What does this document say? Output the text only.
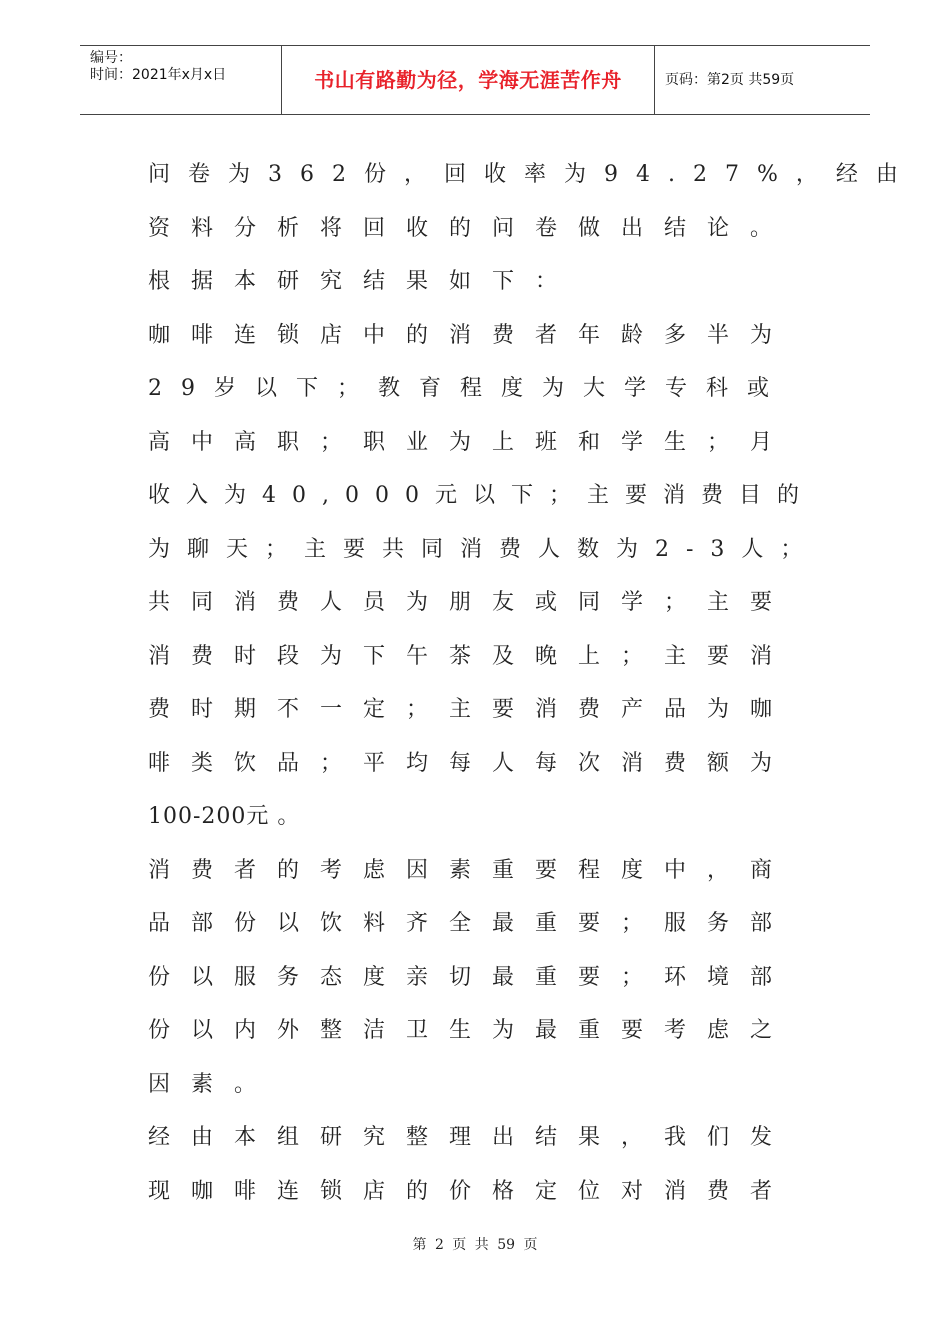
编号：
时间：2021年x月x日	书山有路勤为径，学海无涯苦作舟	页码：第2页 共59页
问卷为362份，回收率为94.27%，经由
资料分析将回收的问卷做出结论。
根据本研究结果如下：
咖啡连锁店中的消费者年龄多半为
29岁以下；教育程度为大学专科或
高中高职；职业为上班和学生；月
收入为40,000元以下；主要消费目的
为聊天；主要共同消费人数为2-3人；
共同消费人员为朋友或同学；主要
消费时段为下午茶及晚上；主要消
费时期不一定；主要消费产品为咖
啡类饮品；平均每人每次消费额为
100-200元 。
消费者的考虑因素重要程度中，商
品部份以饮料齐全最重要；服务部
份以服务态度亲切最重要；环境部
份以内外整洁卫生为最重要考虑之
因素。
经由本组研究整理出结果，我们发
现咖啡连锁店的价格定位对消费者
第 2 页 共 59 页
